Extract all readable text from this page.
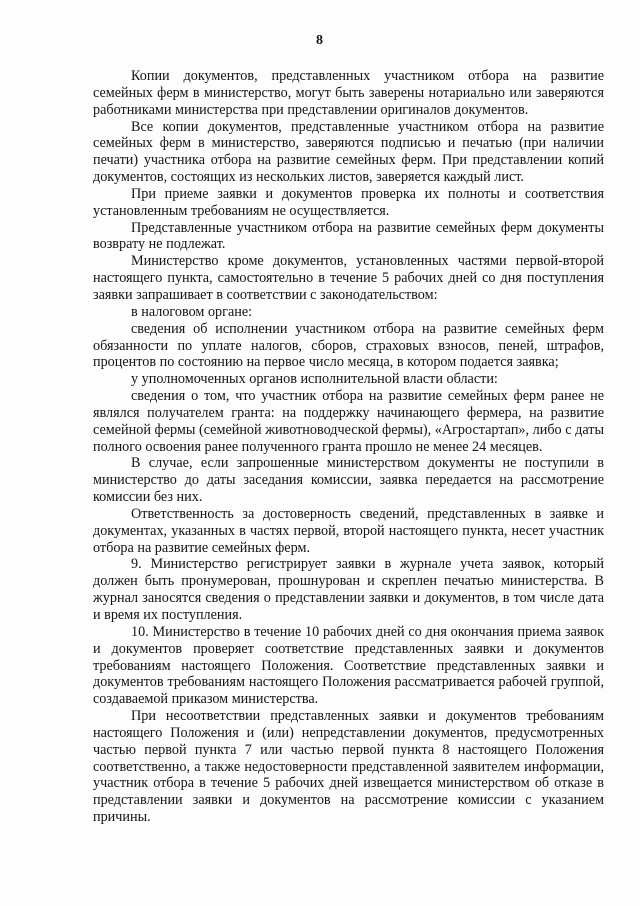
8

Копии документов, представленных участником отбора на развитие семейных ферм в министерство, могут быть заверены нотариально или заверяются работниками министерства при представлении оригиналов документов.

Все копии документов, представленные участником отбора на развитие семейных ферм в министерство, заверяются подписью и печатью (при наличии печати) участника отбора на развитие семейных ферм. При представлении копий документов, состоящих из нескольких листов, заверяется каждый лист.

При приеме заявки и документов проверка их полноты и соответствия установленным требованиям не осуществляется.

Представленные участником отбора на развитие семейных ферм документы возврату не подлежат.

Министерство кроме документов, установленных частями первой-второй настоящего пункта, самостоятельно в течение 5 рабочих дней со дня поступления заявки запрашивает в соответствии с законодательством:

в налоговом органе:

сведения об исполнении участником отбора на развитие семейных ферм обязанности по уплате налогов, сборов, страховых взносов, пеней, штрафов, процентов по состоянию на первое число месяца, в котором подается заявка;

у уполномоченных органов исполнительной власти области:

сведения о том, что участник отбора на развитие семейных ферм ранее не являлся получателем гранта: на поддержку начинающего фермера, на развитие семейной фермы (семейной животноводческой фермы), «Агростартап», либо с даты полного освоения ранее полученного гранта прошло не менее 24 месяцев.

В случае, если запрошенные министерством документы не поступили в министерство до даты заседания комиссии, заявка передается на рассмотрение комиссии без них.

Ответственность за достоверность сведений, представленных в заявке и документах, указанных в частях первой, второй настоящего пункта, несет участник отбора на развитие семейных ферм.

9. Министерство регистрирует заявки в журнале учета заявок, который должен быть пронумерован, прошнурован и скреплен печатью министерства. В журнал заносятся сведения о представлении заявки и документов, в том числе дата и время их поступления.

10. Министерство в течение 10 рабочих дней со дня окончания приема заявок и документов проверяет соответствие представленных заявки и документов требованиям настоящего Положения. Соответствие представленных заявки и документов требованиям настоящего Положения рассматривается рабочей группой, создаваемой приказом министерства.

При несоответствии представленных заявки и документов требованиям настоящего Положения и (или) непредставлении документов, предусмотренных частью первой пункта 7 или частью первой пункта 8 настоящего Положения соответственно, а также недостоверности представленной заявителем информации, участник отбора в течение 5 рабочих дней извещается министерством об отказе в представлении заявки и документов на рассмотрение комиссии с указанием причины.
